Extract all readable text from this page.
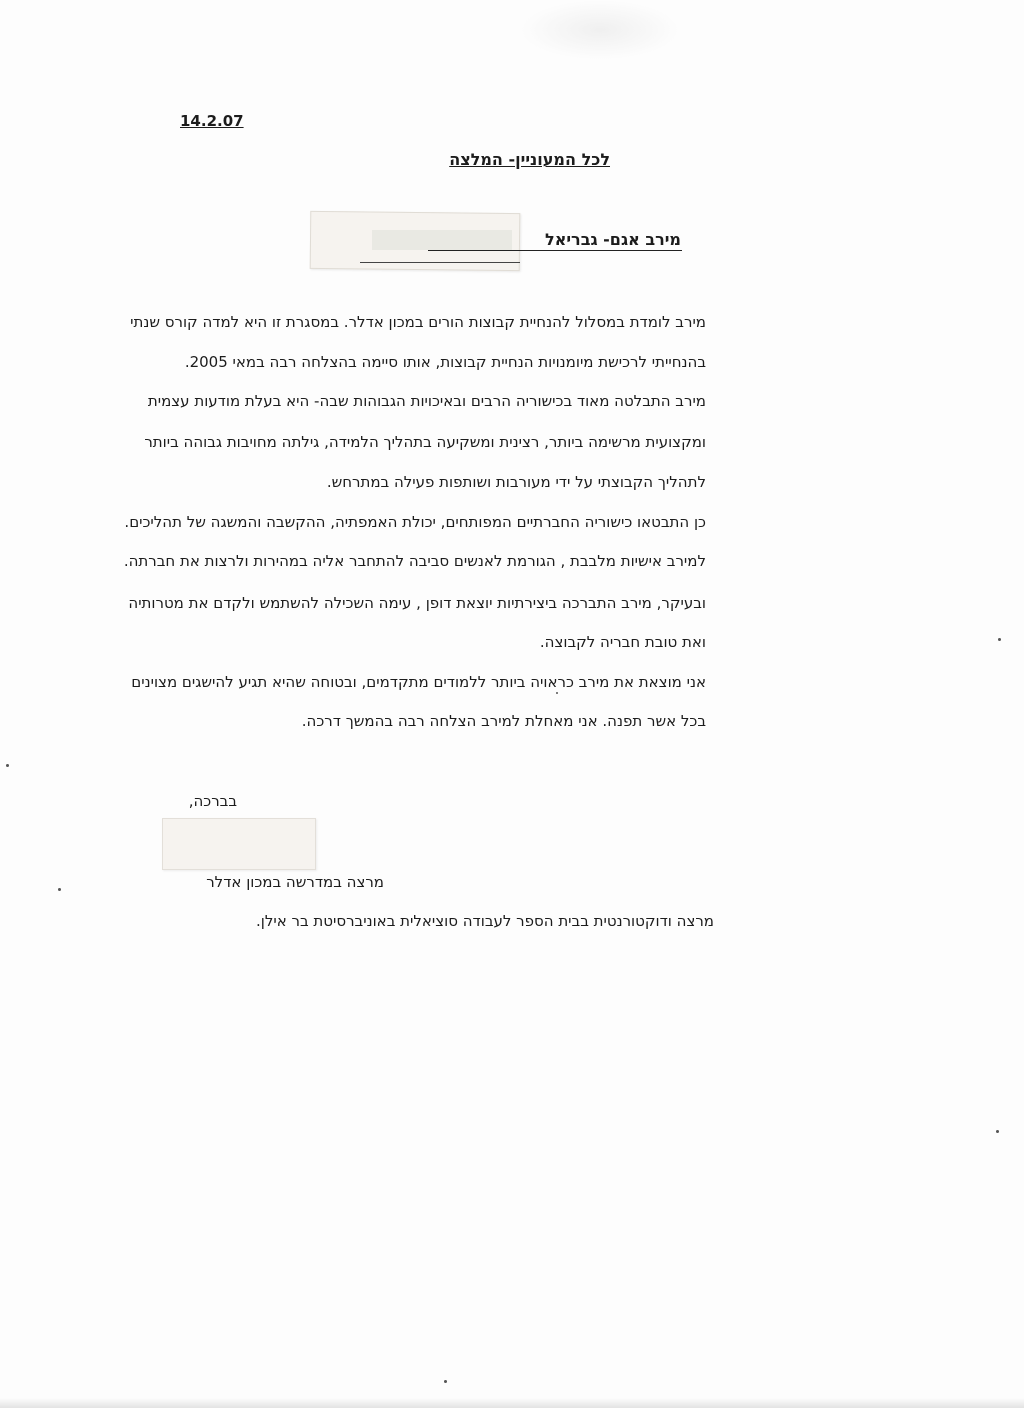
14.2.07
לכל המעוניין- המלצה
מירב אגם- גבריאל
מירב לומדת במסלול להנחיית קבוצות הורים במכון אדלר. במסגרת זו היא למדה קורס שנתי
בהנחייתי לרכישת מיומנויות הנחיית קבוצות, אותו סיימה בהצלחה רבה במאי 2005.
מירב התבלטה מאוד בכישוריה הרבים ובאיכויות הגבוהות שבה- היא בעלת מודעות עצמית
ומקצועית מרשימה ביותר, רצינית ומשקיעה בתהליך הלמידה, גילתה מחויבות גבוהה ביותר
לתהליך הקבוצתי על ידי מעורבות ושותפות פעילה במתרחש.
כן התבטאו כישוריה החברתיים המפותחים, יכולת האמפתיה, ההקשבה והמשגה של תהליכים.
למירב אישיות מלבבת , הגורמת לאנשים סביבה להתחבר אליה במהירות ולרצות את חברתה.
ובעיקר, מירב התברכה ביצירתיות יוצאת דופן , עימה השכילה להשתמש ולקדם את מטרותיה
ואת טובת חבריה לקבוצה.
אני מוצאת את מירב כראויה ביותר ללמודים מתקדמים, ובטוחה שהיא תגיע להישגים מצוינים
בכל אשר תפנה. אני מאחלת למירב הצלחה רבה בהמשך דרכה.
בברכה,
מרצה במדרשה במכון אדלר
מרצה ודוקטורנטית בבית הספר לעבודה סוציאלית באוניברסיטת בר אילן.
